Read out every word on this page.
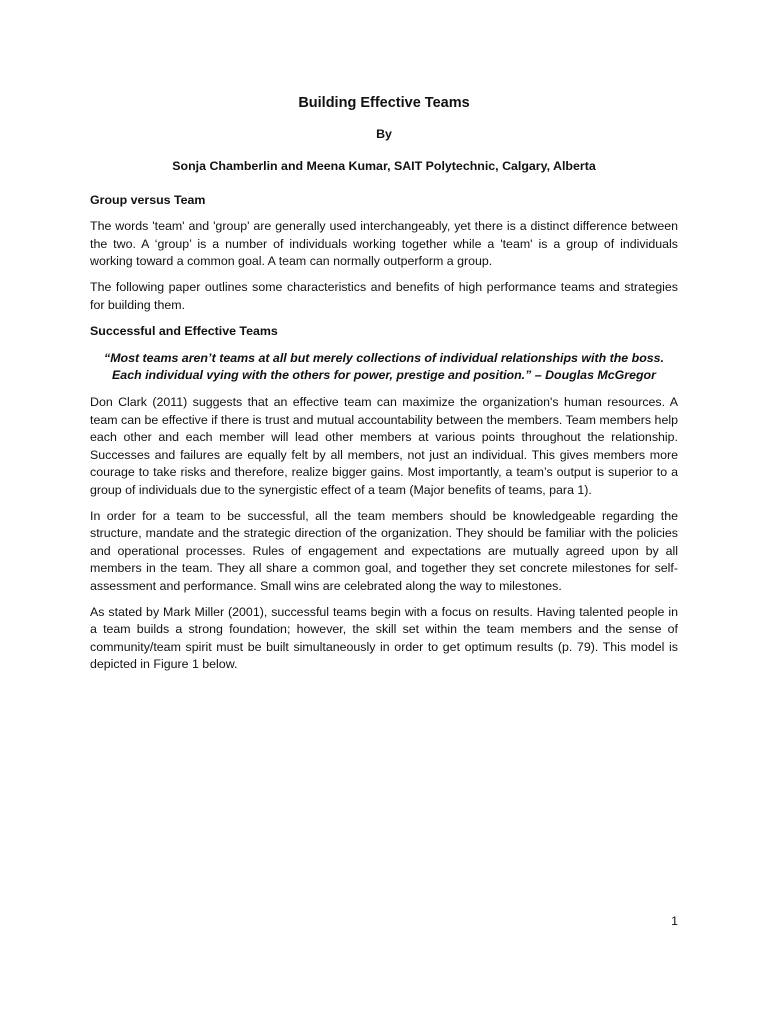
Building Effective Teams
By
Sonja Chamberlin and Meena Kumar, SAIT Polytechnic, Calgary, Alberta
Group versus Team

The words 'team' and 'group' are generally used interchangeably, yet there is a distinct difference between the two. A ‘group’ is a number of individuals working together while a 'team' is a group of individuals working toward a common goal. A team can normally outperform a group.

The following paper outlines some characteristics and benefits of high performance teams and strategies for building them.

Successful and Effective Teams

“Most teams aren’t teams at all but merely collections of individual relationships with the boss. Each individual vying with the others for power, prestige and position.” – Douglas McGregor

Don Clark (2011) suggests that an effective team can maximize the organization's human resources. A team can be effective if there is trust and mutual accountability between the members. Team members help each other and each member will lead other members at various points throughout the relationship. Successes and failures are equally felt by all members, not just an individual. This gives members more courage to take risks and therefore, realize bigger gains. Most importantly, a team’s output is superior to a group of individuals due to the synergistic effect of a team (Major benefits of teams, para 1).

In order for a team to be successful, all the team members should be knowledgeable regarding the structure, mandate and the strategic direction of the organization. They should be familiar with the policies and operational processes. Rules of engagement and expectations are mutually agreed upon by all members in the team. They all share a common goal, and together they set concrete milestones for self-assessment and performance. Small wins are celebrated along the way to milestones.

As stated by Mark Miller (2001), successful teams begin with a focus on results. Having talented people in a team builds a strong foundation; however, the skill set within the team members and the sense of community/team spirit must be built simultaneously in order to get optimum results (p. 79). This model is depicted in Figure 1 below.

1
